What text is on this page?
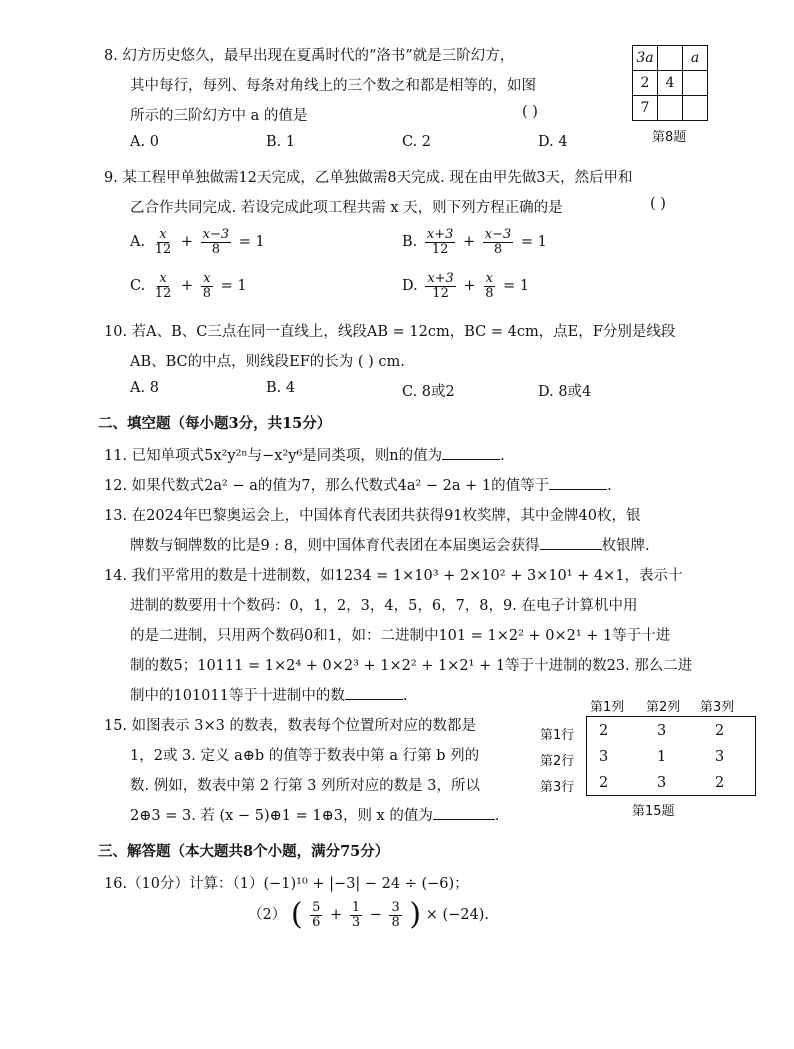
8. 幻方历史悠久，最早出现在夏禹时代的“洛书”就是三阶幻方，
其中每行，每列、每条对角线上的三个数之和都是相等的，如图
所示的三阶幻方中 a 的值是	( )
A. 0	B. 1	C. 2	D. 4
3a		a
2	4	
7		
第8题
9. 某工程甲单独做需12天完成，乙单独做需8天完成. 现在由甲先做3天，然后甲和
乙合作共同完成. 若设完成此项工程共需 x 天，则下列方程正确的是	( )
A. $\frac{x}{12} + \frac{x-3}{8} = 1$	B. $\frac{x+3}{12} + \frac{x-3}{8} = 1$
C. $\frac{x}{12} + \frac{x}{8} = 1$	D. $\frac{x+3}{12} + \frac{x}{8} = 1$
10. 若A、B、C三点在同一直线上，线段AB = 12cm，BC = 4cm，点E，F分别是线段
AB、BC的中点，则线段EF的长为 ( ) cm.
A. 8	B. 4	C. 8或2	D. 8或4
二、填空题（每小题3分，共15分）
11. 已知单项式5x²y²ⁿ与−x²y⁶是同类项，则n的值为	.
12. 如果代数式2a² − a的值为7，那么代数式4a² − 2a + 1的值等于	.
13. 在2024年巴黎奥运会上，中国体育代表团共获得91枚奖牌，其中金牌40枚，银
牌数与铜牌数的比是9 : 8，则中国体育代表团在本届奥运会获得	枚银牌.
14. 我们平常用的数是十进制数，如1234 = 1×10³ + 2×10² + 3×10¹ + 4×1，表示十
进制的数要用十个数码：0，1，2，3，4，5，6，7，8，9. 在电子计算机中用
的是二进制，只用两个数码0和1，如：二进制中101 = 1×2² + 0×2¹ + 1等于十进
制的数5；10111 = 1×2⁴ + 0×2³ + 1×2² + 1×2¹ + 1等于十进制的数23. 那么二进
制中的101011等于十进制中的数	.
15. 如图表示 3×3 的数表，数表每个位置所对应的数都是
1，2或 3. 定义 a⊕b 的值等于数表中第 a 行第 b 列的
数. 例如，数表中第 2 行第 3 列所对应的数是 3，所以
2⊕3 = 3. 若 (x − 5)⊕1 = 1⊕3，则 x 的值为	.
第1列 第2列 第3列
第1行
第2行
第3行
2	3	2
3	1	3
2	3	2
第15题
三、解答题（本大题共8个小题，满分75分）
16.（10分）计算：（1）(−1)¹⁰ + |−3| − 24 ÷ (−6)；
（2） ( $\frac{5}{6} + \frac{1}{3} - \frac{3}{8}$ ) × (−24).
